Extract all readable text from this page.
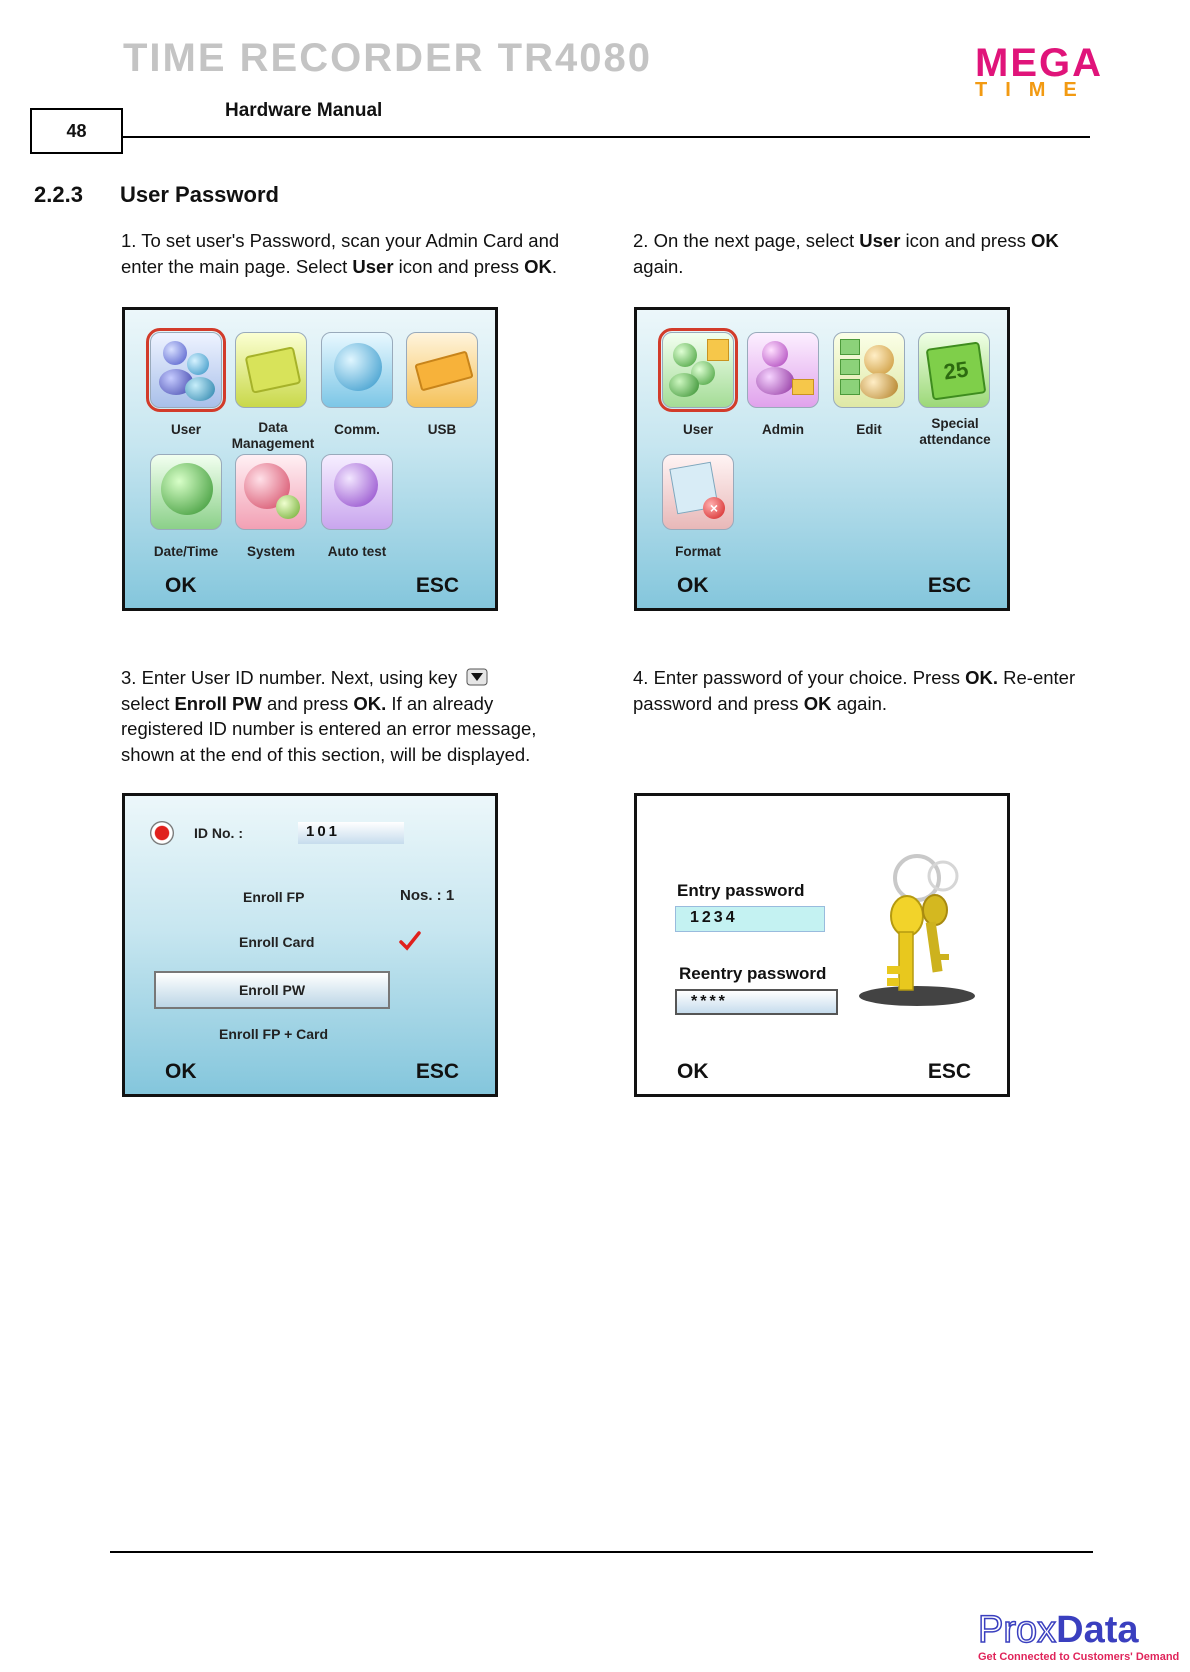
TIME RECORDER TR4080	MEGA
TIME
48
Hardware Manual
2.2.3 User Password
1. To set user's Password, scan your Admin Card and enter the main page. Select User icon and press OK.
2. On the next page, select User icon and press OK again.
User	Data Management
Comm.	USB
Date/Time	System	Auto test
OK	ESC
25
User	Admin	Edit	Special attendance
×
Format
OK	ESC
3. Enter User ID number. Next, using key
select Enroll PW and press OK. If an already registered ID number is entered an error message, shown at the end of this section, will be displayed.
4. Enter password of your choice. Press OK. Re-enter password and press OK again.
ID No. :	101
Enroll FP	Nos. : 1
Enroll Card
Enroll PW
Enroll FP + Card
OK	ESC
Entry password
1234
Reentry password
****
OK	ESC
ProxData
Get Connected to Customers' Demand
